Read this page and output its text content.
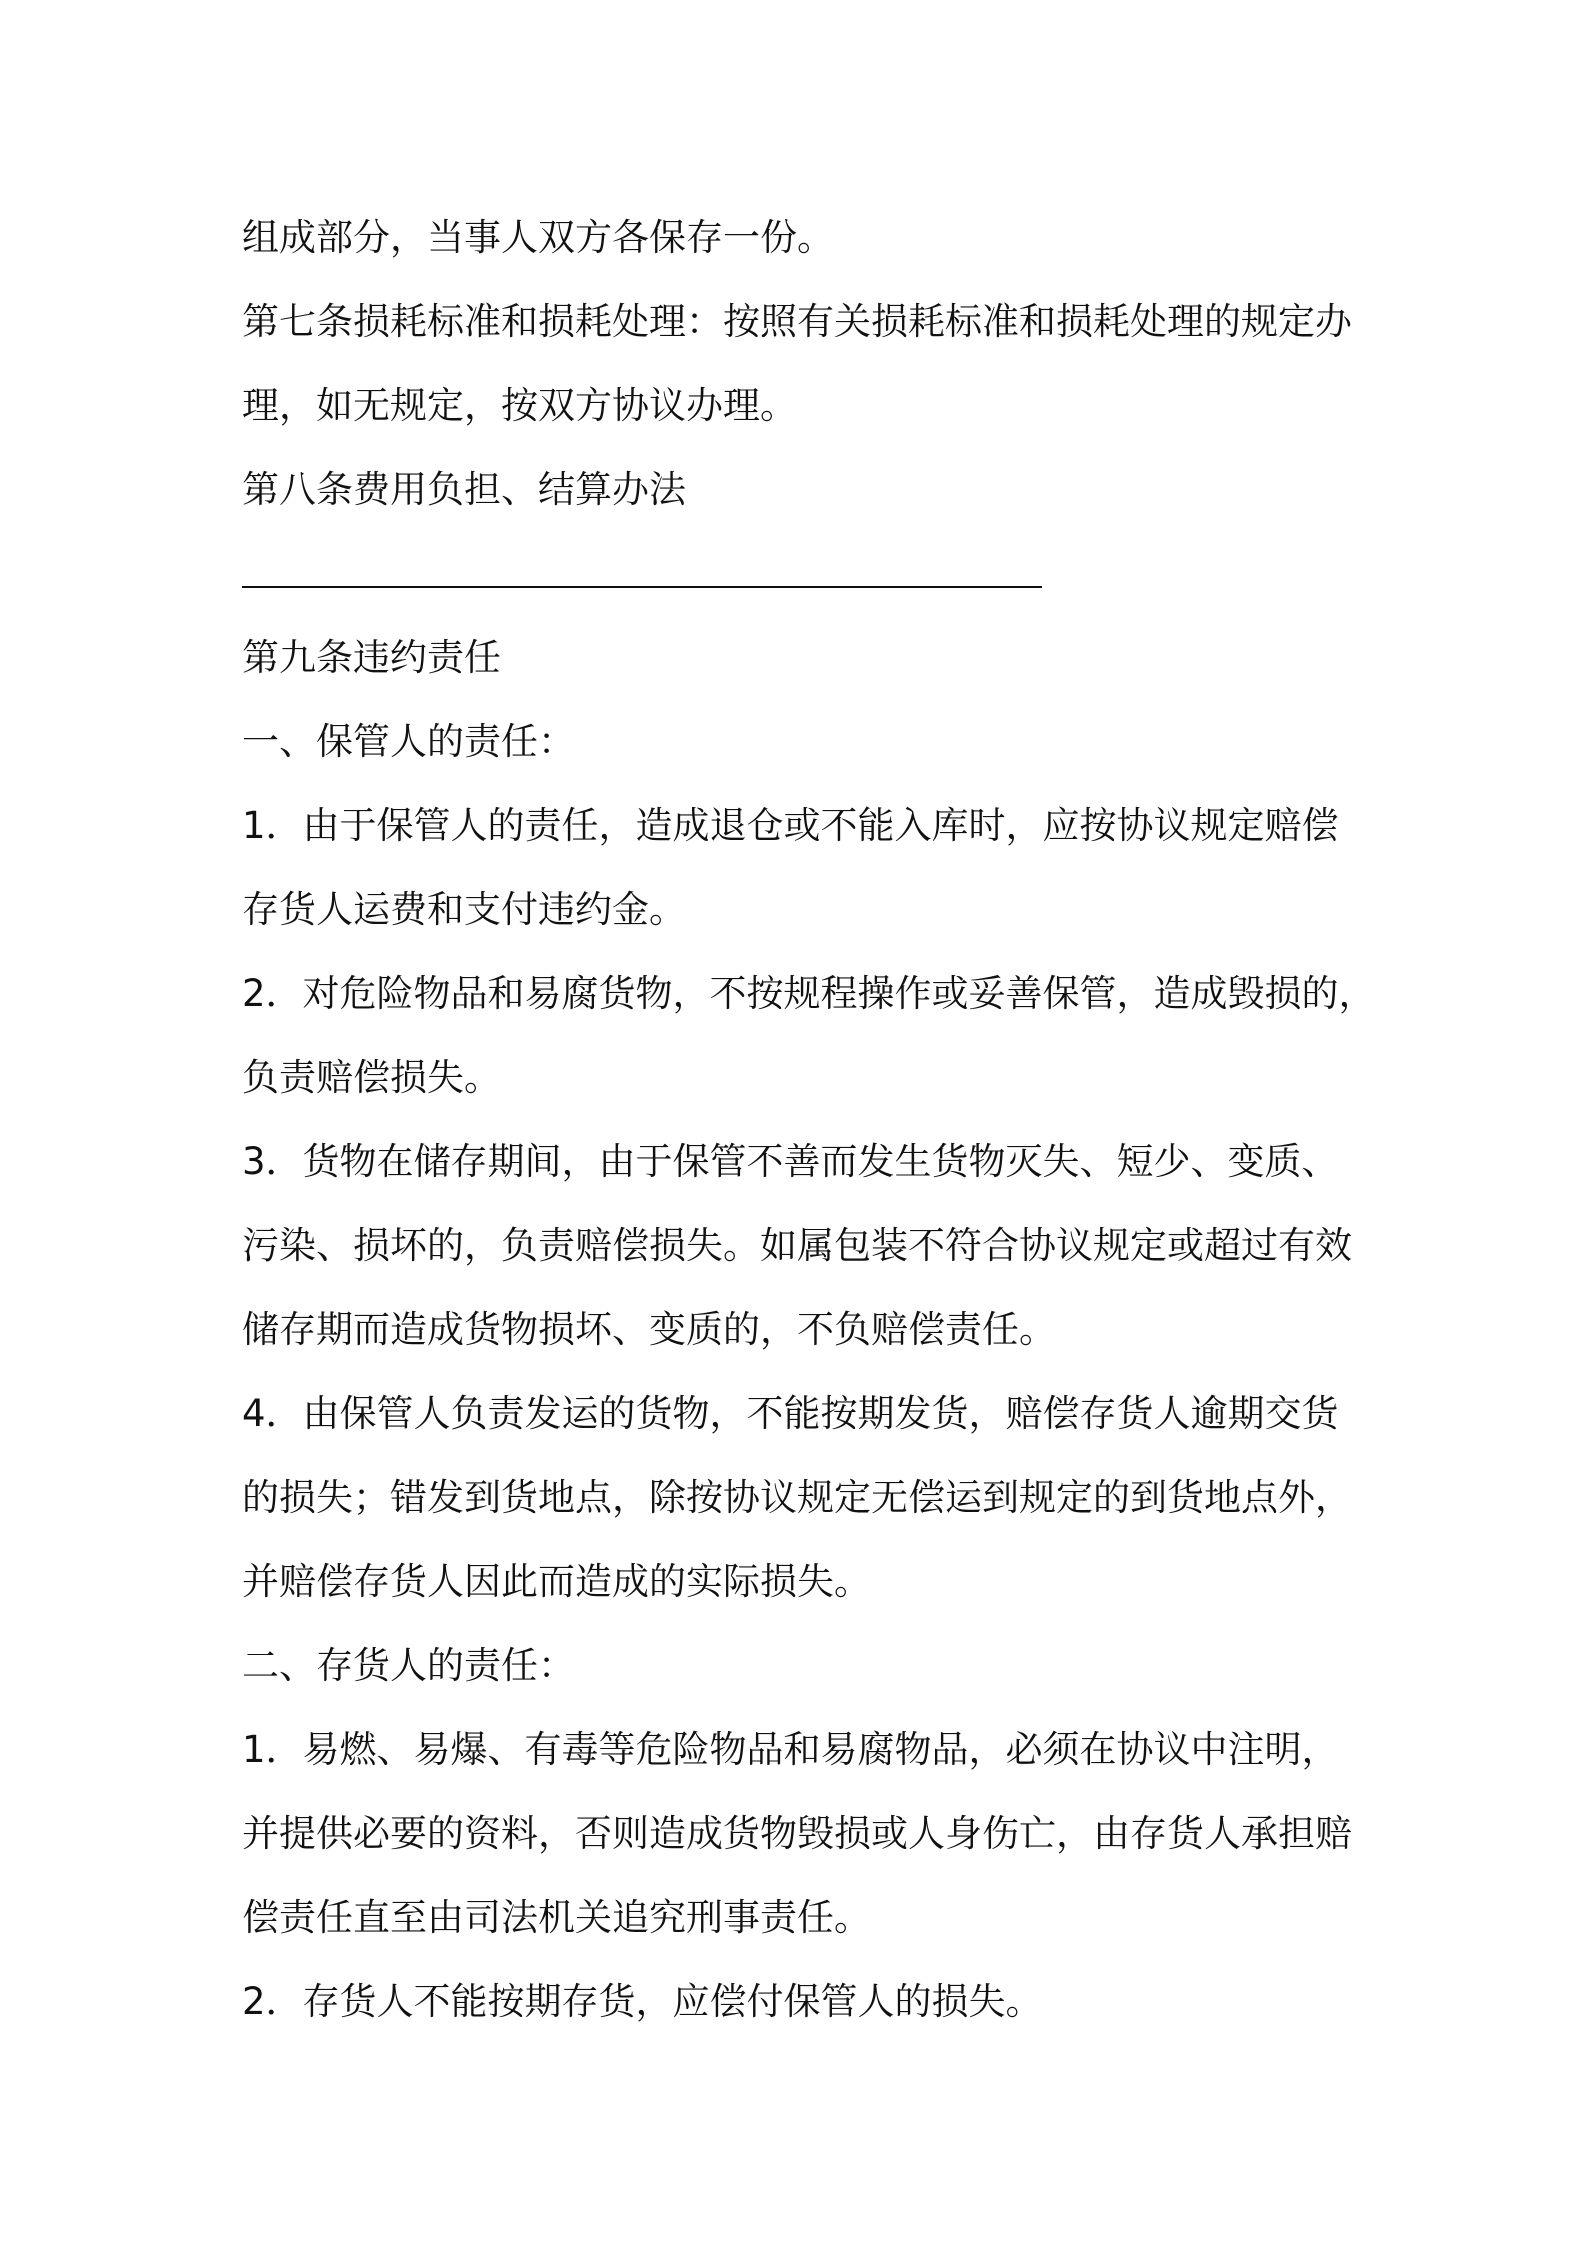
组成部分，当事人双方各保存一份。
第七条损耗标准和损耗处理：按照有关损耗标准和损耗处理的规定办
理，如无规定，按双方协议办理。
第八条费用负担、结算办法
第九条违约责任
一、保管人的责任：
1．由于保管人的责任，造成退仓或不能入库时，应按协议规定赔偿
存货人运费和支付违约金。
2．对危险物品和易腐货物，不按规程操作或妥善保管，造成毁损的，
负责赔偿损失。
3．货物在储存期间，由于保管不善而发生货物灭失、短少、变质、
污染、损坏的，负责赔偿损失。如属包装不符合协议规定或超过有效
储存期而造成货物损坏、变质的，不负赔偿责任。
4．由保管人负责发运的货物，不能按期发货，赔偿存货人逾期交货
的损失；错发到货地点，除按协议规定无偿运到规定的到货地点外，
并赔偿存货人因此而造成的实际损失。
二、存货人的责任：
1．易燃、易爆、有毒等危险物品和易腐物品，必须在协议中注明，
并提供必要的资料，否则造成货物毁损或人身伤亡，由存货人承担赔
偿责任直至由司法机关追究刑事责任。
2．存货人不能按期存货，应偿付保管人的损失。
